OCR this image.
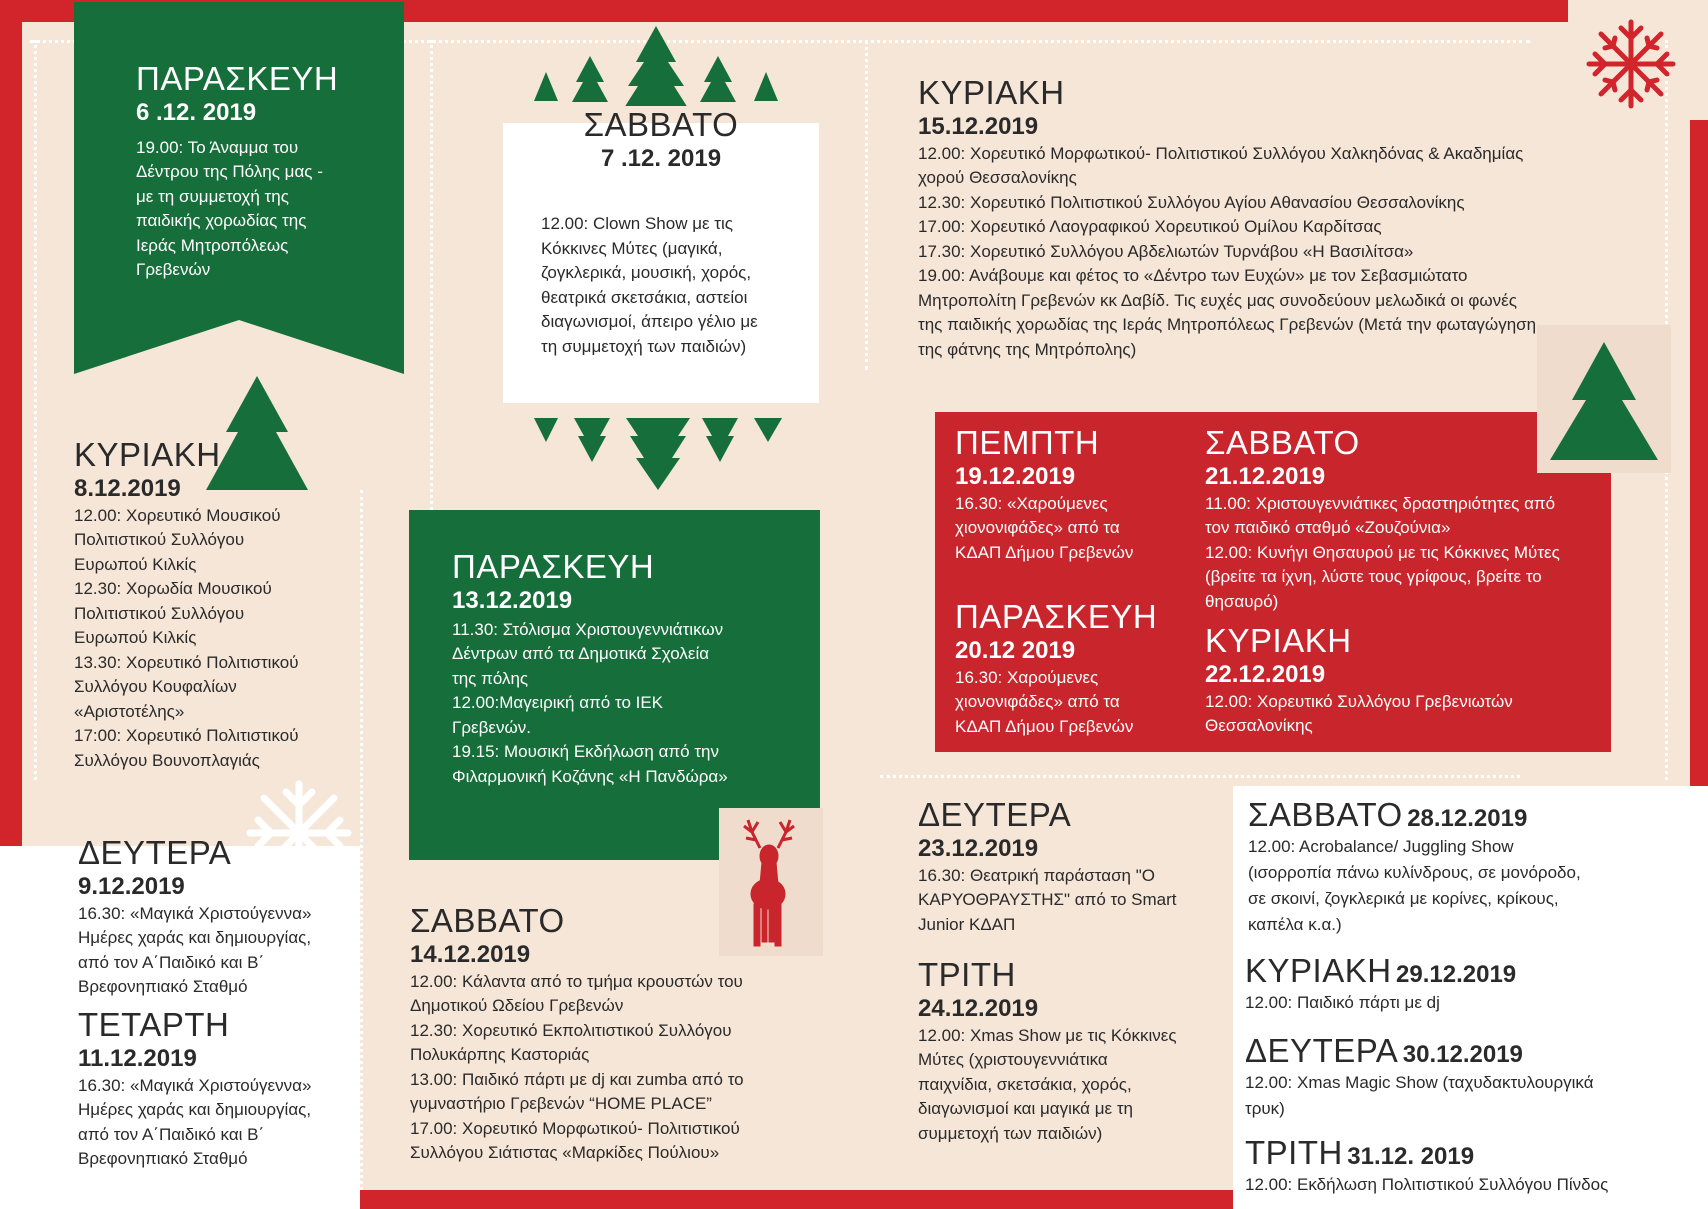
ΠΑΡΑΣΚΕΥΗ
6 .12. 2019
19.00: Το Άναμμα του
Δέντρου της Πόλης μας -
με τη συμμετοχή της
παιδικής χορωδίας της
Ιεράς Μητροπόλεως
Γρεβενών
ΣΑΒΒΑΤΟ
7 .12. 2019
12.00: Clown Show με τις
Κόκκινες Μύτες (μαγικά,
ζογκλερικά, μουσική, χορός,
θεατρικά σκετσάκια, αστείοι
διαγωνισμοί, άπειρο γέλιο με
τη συμμετοχή των παιδιών)
ΚΥΡΙΑΚΗ
15.12.2019
12.00: Χορευτικό Μορφωτικού- Πολιτιστικού Συλλόγου Χαλκηδόνας & Ακαδημίας
χορού Θεσσαλονίκης
12.30: Χορευτικό Πολιτιστικού Συλλόγου Αγίου Αθανασίου Θεσσαλονίκης
17.00: Χορευτικό Λαογραφικού Χορευτικού Ομίλου Καρδίτσας
17.30: Χορευτικό Συλλόγου Αβδελιωτών Τυρνάβου «Η Βασιλίτσα»
19.00: Ανάβουμε και φέτος το «Δέντρο των Ευχών» με τον Σεβασμιώτατο
Μητροπολίτη Γρεβενών κκ Δαβίδ. Τις ευχές μας συνοδεύουν μελωδικά οι φωνές
της παιδικής χορωδίας της Ιεράς Μητροπόλεως Γρεβενών (Μετά την φωταγώγηση
της φάτνης της Μητρόπολης)
ΚΥΡΙΑΚΗ
8.12.2019
12.00: Χορευτικό Μουσικού
Πολιτιστικού Συλλόγου
Ευρωπού Κιλκίς
12.30: Χορωδία Μουσικού
Πολιτιστικού Συλλόγου
Ευρωπού Κιλκίς
13.30: Χορευτικό Πολιτιστικού
Συλλόγου Κουφαλίων
«Αριστοτέλης»
17:00: Χορευτικό Πολιτιστικού
Συλλόγου Βουνοπλαγιάς
ΠΑΡΑΣΚΕΥΗ
13.12.2019
11.30: Στόλισμα Χριστουγεννιάτικων
Δέντρων από τα Δημοτικά Σχολεία
της πόλης
12.00:Μαγειρική από το ΙΕΚ
Γρεβενών.
19.15: Μουσική Εκδήλωση από την
Φιλαρμονική Κοζάνης «Η Πανδώρα»
ΠΕΜΠΤΗ
19.12.2019
16.30: «Χαρούμενες
χιονονιφάδες» από τα
ΚΔΑΠ Δήμου Γρεβενών
ΣΑΒΒΑΤΟ
21.12.2019
11.00: Χριστουγεννιάτικες δραστηριότητες από
τον παιδικό σταθμό «Ζουζούνια»
12.00: Κυνήγι Θησαυρού με τις Κόκκινες Μύτες
(βρείτε τα ίχνη, λύστε τους γρίφους, βρείτε το
θησαυρό)
ΠΑΡΑΣΚΕΥΗ
20.12 2019
16.30: Χαρούμενες
χιονονιφάδες» από τα
ΚΔΑΠ Δήμου Γρεβενών
ΚΥΡΙΑΚΗ
22.12.2019
12.00: Χορευτικό Συλλόγου Γρεβενιωτών
Θεσσαλονίκης
ΔΕΥΤΕΡΑ
9.12.2019
16.30: «Μαγικά Χριστούγεννα»
Ημέρες χαράς και δημιουργίας,
από τον Α΄Παιδικό και Β΄
Βρεφονηπιακό Σταθμό
ΤΕΤΑΡΤΗ
11.12.2019
16.30: «Μαγικά Χριστούγεννα»
Ημέρες χαράς και δημιουργίας,
από τον Α΄Παιδικό και Β΄
Βρεφονηπιακό Σταθμό
ΣΑΒΒΑΤΟ
14.12.2019
12.00: Κάλαντα από το τμήμα κρουστών του
Δημοτικού Ωδείου Γρεβενών
12.30: Χορευτικό Εκπολιτιστικού Συλλόγου
Πολυκάρπης Καστοριάς
13.00: Παιδικό πάρτι με dj και zumba από το
γυμναστήριο Γρεβενών “HOME PLACE”
17.00: Χορευτικό Μορφωτικού- Πολιτιστικού
Συλλόγου Σιάτιστας «Μαρκίδες Πούλιου»
ΔΕΥΤΕΡΑ
23.12.2019
16.30: Θεατρική παράσταση "Ο
ΚΑΡΥΟΘΡΑΥΣΤΗΣ" από το Smart
Junior ΚΔΑΠ
ΤΡΙΤΗ
24.12.2019
12.00: Xmas Show με τις Κόκκινες
Μύτες (χριστουγεννιάτικα
παιχνίδια, σκετσάκια, χορός,
διαγωνισμοί και μαγικά με τη
συμμετοχή των παιδιών)
ΣΑΒΒΑΤΟ 28.12.2019
12.00: Acrobalance/ Juggling Show
(ισορροπία πάνω κυλίνδρους, σε μονόροδο,
σε σκοινί, ζογκλερικά με κορίνες, κρίκους,
καπέλα κ.α.)
ΚΥΡΙΑΚΗ 29.12.2019
12.00: Παιδικό πάρτι με dj
ΔΕΥΤΕΡΑ 30.12.2019
12.00: Xmas Magic Show (ταχυδακτυλουργικά
τρυκ)
ΤΡΙΤΗ 31.12. 2019
12.00: Εκδήλωση Πολιτιστικού Συλλόγου Πίνδος
